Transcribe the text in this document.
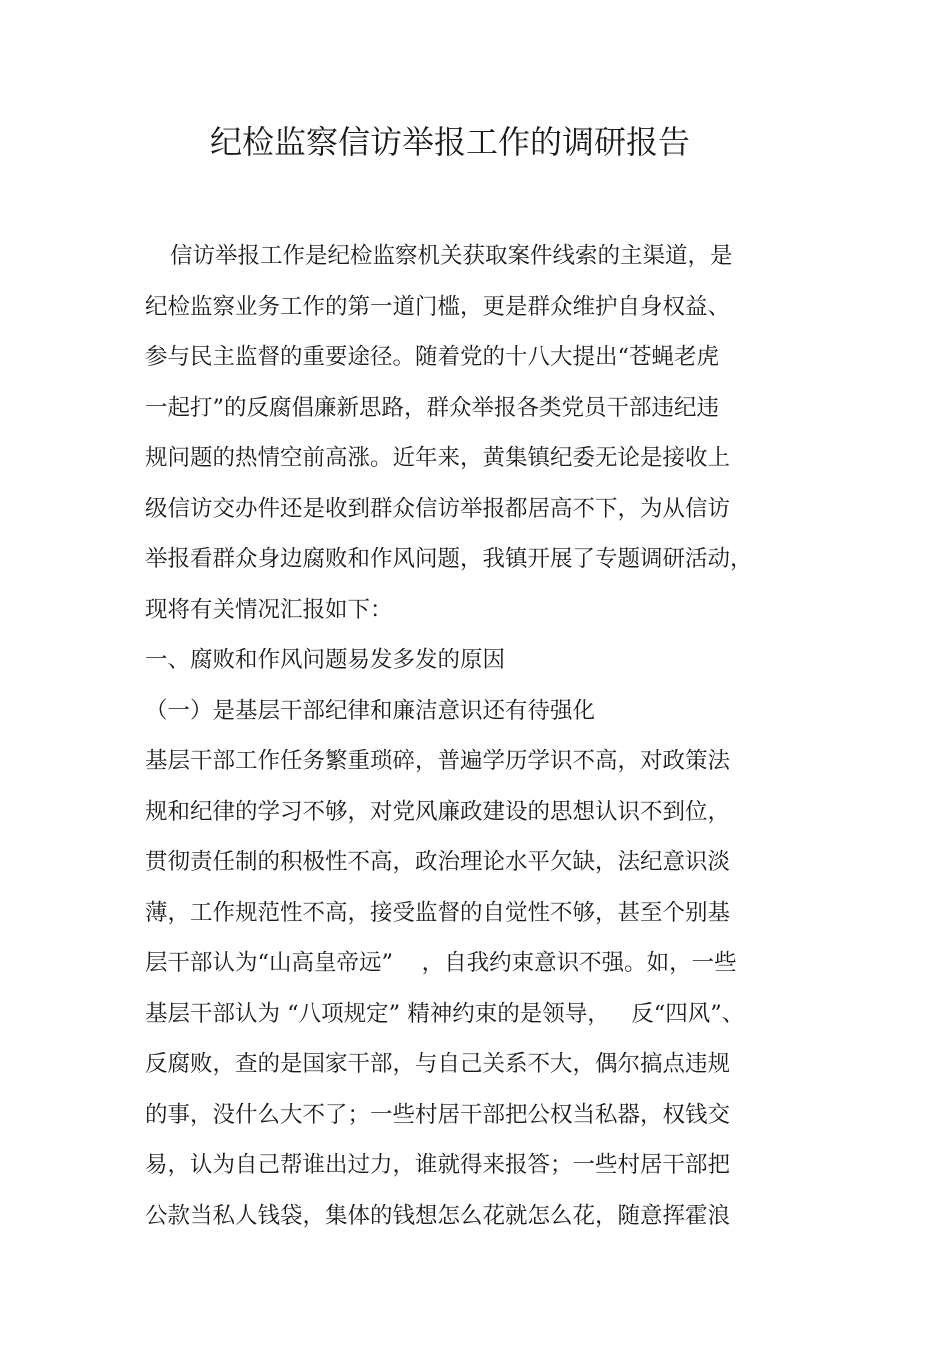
纪检监察信访举报工作的调研报告
信访举报工作是纪检监察机关获取案件线索的主渠道，是
纪检监察业务工作的第一道门槛，更是群众维护自身权益、
参与民主监督的重要途径。随着党的十八大提出“苍蝇老虎
一起打”的反腐倡廉新思路，群众举报各类党员干部违纪违
规问题的热情空前高涨。近年来，黄集镇纪委无论是接收上
级信访交办件还是收到群众信访举报都居高不下，为从信访
举报看群众身边腐败和作风问题，我镇开展了专题调研活动，
现将有关情况汇报如下：
一、腐败和作风问题易发多发的原因
（一）是基层干部纪律和廉洁意识还有待强化
基层干部工作任务繁重琐碎，普遍学历学识不高，对政策法
规和纪律的学习不够，对党风廉政建设的思想认识不到位，
贯彻责任制的积极性不高，政治理论水平欠缺，法纪意识淡
薄，工作规范性不高，接受监督的自觉性不够，甚至个别基
层干部认为“山高皇帝远”    ，自我约束意识不强。如，一些
基层干部认为 “八项规定” 精神约束的是领导，   反“四风”、
反腐败，查的是国家干部，与自己关系不大，偶尔搞点违规
的事，没什么大不了；一些村居干部把公权当私器，权钱交
易，认为自己帮谁出过力，谁就得来报答；一些村居干部把
公款当私人钱袋，集体的钱想怎么花就怎么花，随意挥霍浪
